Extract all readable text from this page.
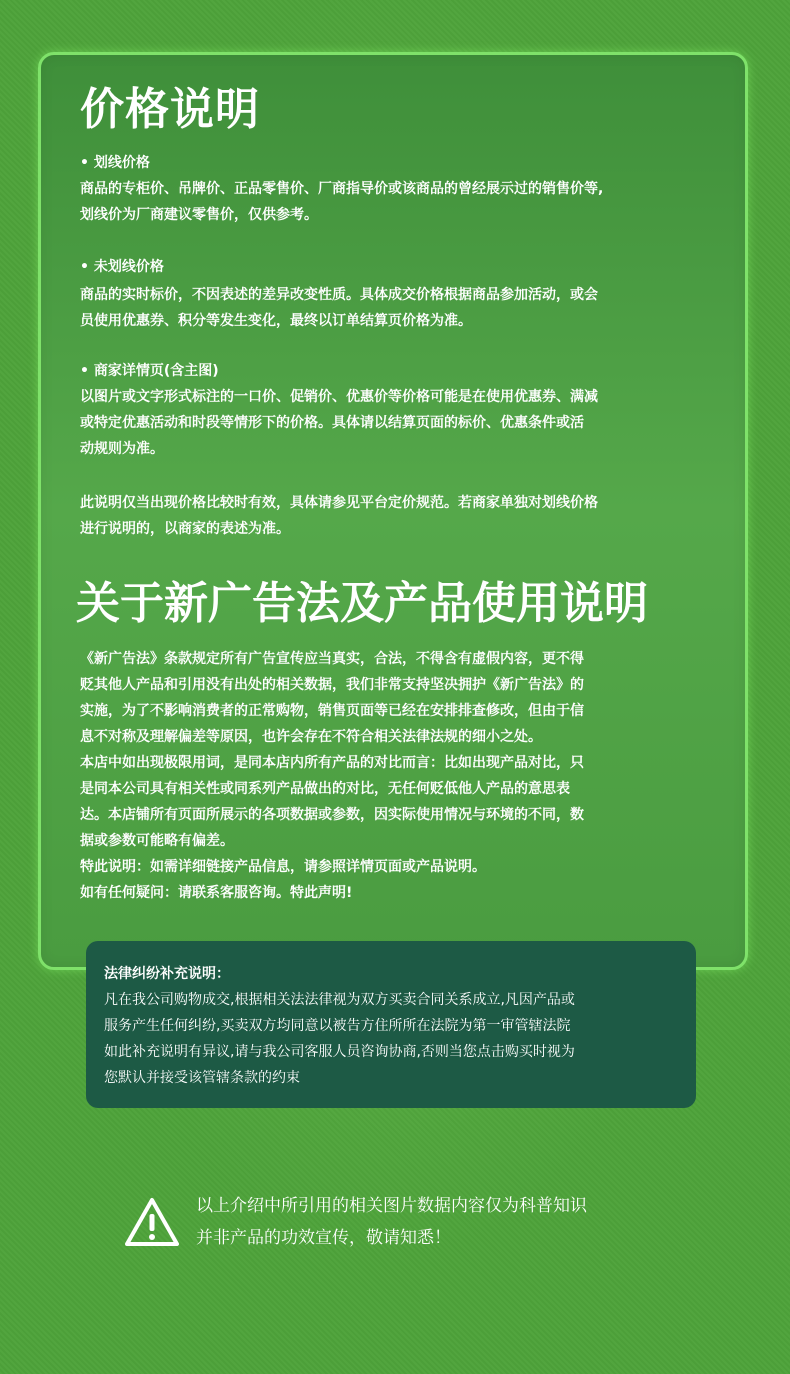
价格说明
• 划线价格

商品的专柜价、吊牌价、正品零售价、厂商指导价或该商品的曾经展示过的销售价等,

划线价为厂商建议零售价，仅供参考。

• 未划线价格

商品的实时标价，不因表述的差异改变性质。具体成交价格根据商品参加活动，或会

员使用优惠券、积分等发生变化，最终以订单结算页价格为准。

• 商家详情页(含主图)

以图片或文字形式标注的一口价、促销价、优惠价等价格可能是在使用优惠券、满减

或特定优惠活动和时段等情形下的价格。具体请以结算页面的标价、优惠条件或活

动规则为准。

此说明仅当出现价格比较时有效，具体请参见平台定价规范。若商家单独对划线价格

进行说明的，以商家的表述为准。

关于新广告法及产品使用说明

《新广告法》条款规定所有广告宣传应当真实，合法，不得含有虚假内容，更不得

贬其他人产品和引用没有出处的相关数据，我们非常支持坚决拥护《新广告法》的

实施，为了不影响消费者的正常购物，销售页面等已经在安排排查修改，但由于信

息不对称及理解偏差等原因，也许会存在不符合相关法律法规的细小之处。

本店中如出现极限用词，是同本店内所有产品的对比而言：比如出现产品对比，只

是同本公司具有相关性或同系列产品做出的对比，无任何贬低他人产品的意思表

达。本店铺所有页面所展示的各项数据或参数，因实际使用情况与环境的不同，数

据或参数可能略有偏差。

特此说明：如需详细链接产品信息，请参照详情页面或产品说明。

如有任何疑问：请联系客服咨询。特此声明!

法律纠纷补充说明：

凡在我公司购物成交,根据相关法法律视为双方买卖合同关系成立,凡因产品或

服务产生任何纠纷,买卖双方均同意以被告方住所所在法院为第一审管辖法院

如此补充说明有异议,请与我公司客服人员咨询协商,否则当您点击购买时视为

您默认并接受该管辖条款的约束

以上介绍中所引用的相关图片数据内容仅为科普知识

并非产品的功效宣传，敬请知悉！
